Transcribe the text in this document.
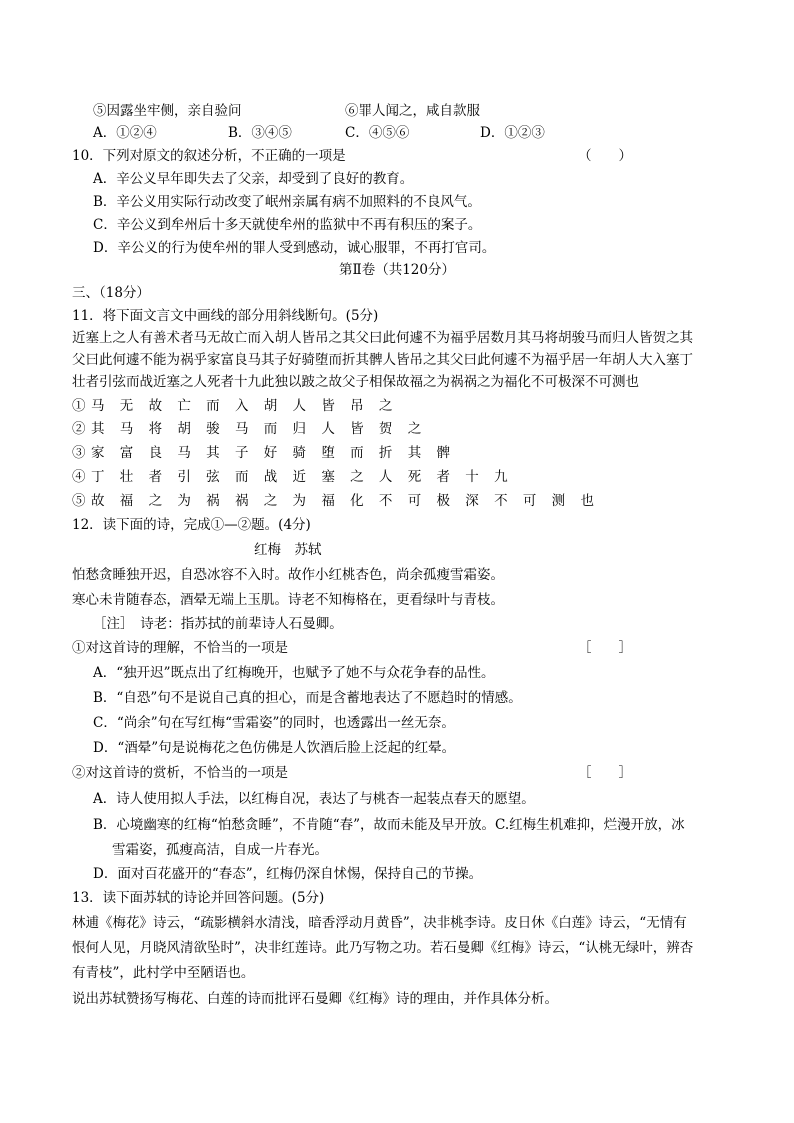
⑤因露坐牢侧，亲自验问	⑥罪人闻之，咸自款服
A．①②④	B．③④⑤	C．④⑤⑥	D．①②③
10．下列对原文的叙述分析，不正确的一项是	（　　）
A．辛公义早年即失去了父亲，却受到了良好的教育。
B．辛公义用实际行动改变了岷州亲属有病不加照料的不良风气。
C．辛公义到牟州后十多天就使牟州的监狱中不再有积压的案子。
D．辛公义的行为使牟州的罪人受到感动，诚心服罪，不再打官司。
第Ⅱ卷（共120分）
三、（18分）
11．将下面文言文中画线的部分用斜线断句。(5分)
近塞上之人有善术者马无故亡而入胡人皆吊之其父曰此何遽不为福乎居数月其马将胡骏马而归人皆贺之其
父曰此何遽不能为祸乎家富良马其子好骑堕而折其髀人皆吊之其父曰此何遽不为福乎居一年胡人大入塞丁
壮者引弦而战近塞之人死者十九此独以跛之故父子相保故福之为祸祸之为福化不可极深不可测也
①马 无 故 亡 而 入 胡 人 皆 吊 之
②其 马 将 胡 骏 马 而 归 人 皆 贺 之
③家 富 良 马 其 子 好 骑 堕 而 折 其 髀
④丁 壮 者 引 弦 而 战 近 塞 之 人 死 者 十 九
⑤故 福 之 为 祸 祸 之 为 福 化 不 可 极 深 不 可 测 也
12．读下面的诗，完成①—②题。(4分)
红梅　苏轼
怕愁贪睡独开迟，自恐冰容不入时。故作小红桃杏色，尚余孤瘦雪霜姿。
寒心未肯随春态，酒晕无端上玉肌。诗老不知梅格在，更看绿叶与青枝。
［注］　诗老：指苏拭的前辈诗人石曼卿。
①对这首诗的理解，不恰当的一项是	［　　］
A．“独开迟”既点出了红梅晚开，也赋予了她不与众花争春的品性。
B．“自恐”句不是说自己真的担心，而是含蓄地表达了不愿趋时的情感。
C．“尚余”句在写红梅“雪霜姿”的同时，也透露出一丝无奈。
D．“酒晕”句是说梅花之色仿佛是人饮酒后脸上泛起的红晕。
②对这首诗的赏析，不恰当的一项是	［　　］
A．诗人使用拟人手法，以红梅自况，表达了与桃杏一起装点春天的愿望。
B．心境幽寒的红梅“怕愁贪睡”，不肯随“春”，故而未能及早开放。C.红梅生机难抑，烂漫开放，冰
雪霜姿，孤瘦高洁，自成一片春光。
D．面对百花盛开的“春态”，红梅仍深自怵惕，保持自己的节操。
13．读下面苏轼的诗论并回答问题。(5分)
林逋《梅花》诗云，“疏影横斜水清浅，暗香浮动月黄昏”，决非桃李诗。皮日休《白莲》诗云，“无情有
恨何人见，月晓风清欲坠时”，决非红莲诗。此乃写物之功。若石曼卿《红梅》诗云，“认桃无绿叶，辨杏
有青枝”，此村学中至陋语也。
说出苏轼赞扬写梅花、白莲的诗而批评石曼卿《红梅》诗的理由，并作具体分析。
